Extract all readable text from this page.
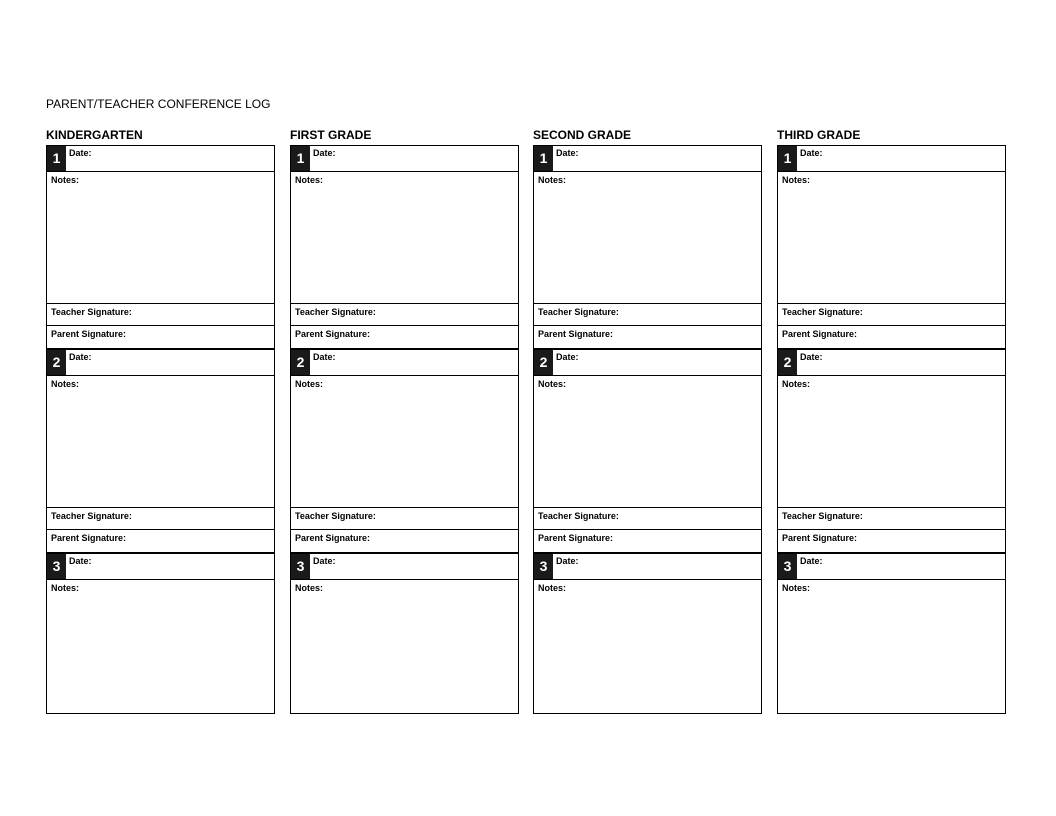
PARENT/TEACHER CONFERENCE LOG
KINDERGARTEN
1 Date:
Notes:
Teacher Signature:
Parent Signature:
2 Date:
Notes:
Teacher Signature:
Parent Signature:
3 Date:
Notes:
FIRST GRADE
1 Date:
Notes:
Teacher Signature:
Parent Signature:
2 Date:
Notes:
Teacher Signature:
Parent Signature:
3 Date:
Notes:
SECOND GRADE
1 Date:
Notes:
Teacher Signature:
Parent Signature:
2 Date:
Notes:
Teacher Signature:
Parent Signature:
3 Date:
Notes:
THIRD GRADE
1 Date:
Notes:
Teacher Signature:
Parent Signature:
2 Date:
Notes:
Teacher Signature:
Parent Signature:
3 Date:
Notes:
